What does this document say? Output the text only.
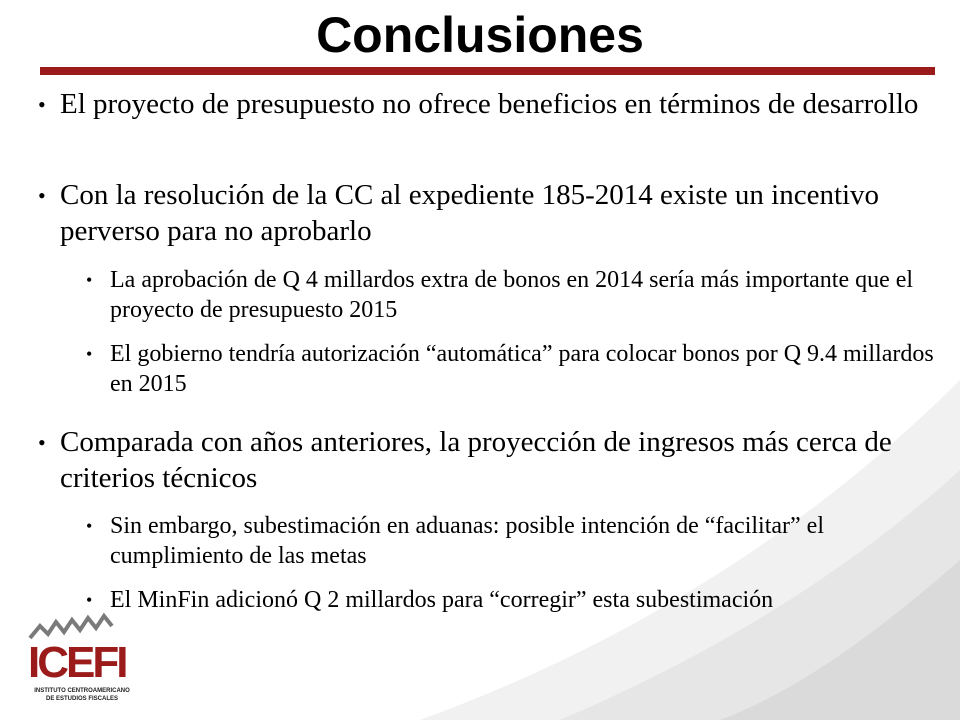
Conclusiones
• El proyecto de presupuesto no ofrece beneficios en términos de desarrollo
• Con la resolución de la CC al expediente 185-2014 existe un incentivo perverso para no aprobarlo
• La aprobación de Q 4 millardos extra de bonos en 2014 sería más importante que el proyecto de presupuesto 2015
• El gobierno tendría autorización “automática” para colocar bonos por Q 9.4 millardos en 2015
• Comparada con años anteriores, la proyección de ingresos más cerca de criterios técnicos
• Sin embargo, subestimación en aduanas: posible intención de “facilitar” el cumplimiento de las metas
• El MinFin adicionó Q 2 millardos para “corregir” esta subestimación
ICEFI
INSTITUTO CENTROAMERICANO
DE ESTUDIOS FISCALES
